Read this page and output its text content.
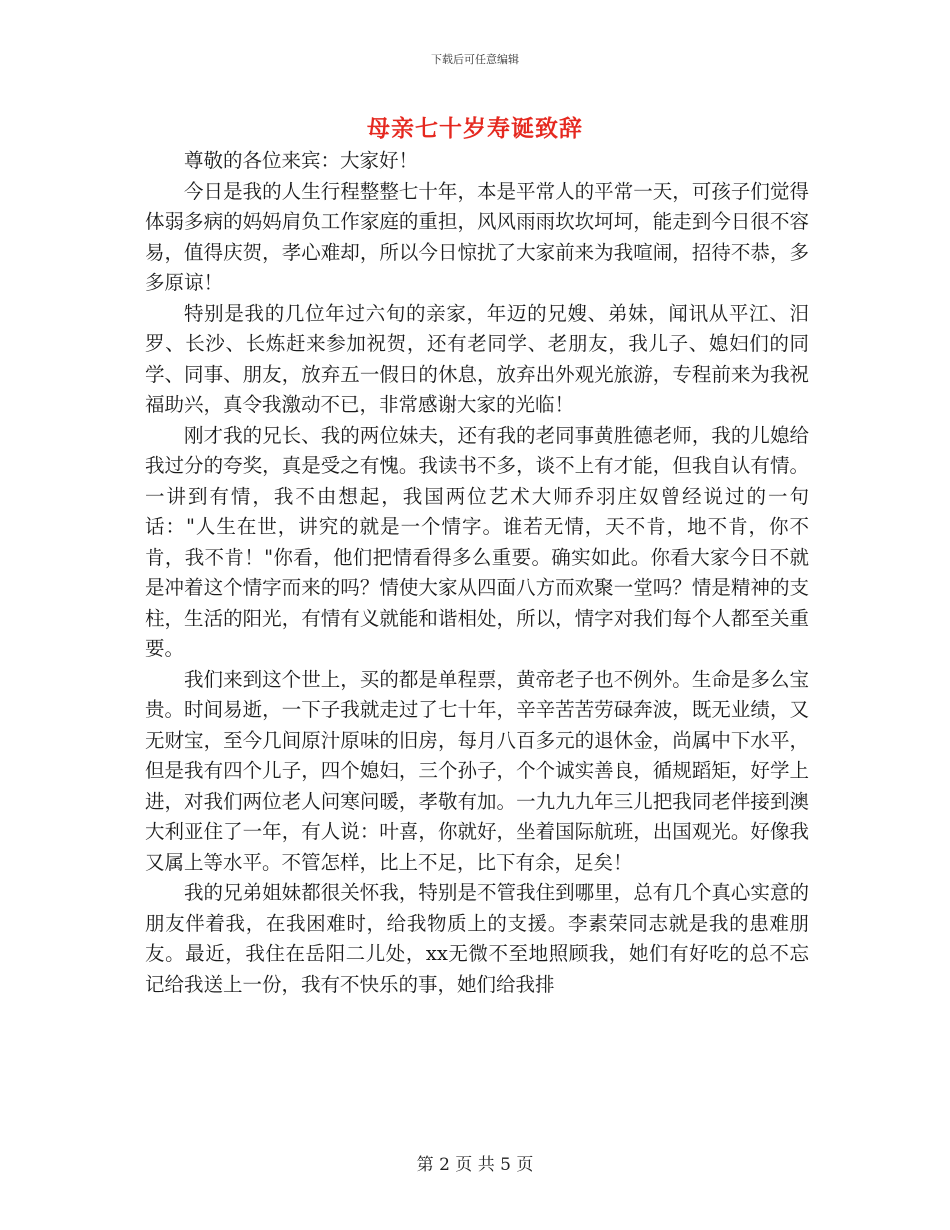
下载后可任意编辑
母亲七十岁寿诞致辞

尊敬的各位来宾：大家好！

今日是我的人生行程整整七十年，本是平常人的平常一天，可孩子们觉得体弱多病的妈妈肩负工作家庭的重担，风风雨雨坎坎坷坷，能走到今日很不容易，值得庆贺，孝心难却，所以今日惊扰了大家前来为我喧闹，招待不恭，多多原谅！

特别是我的几位年过六旬的亲家，年迈的兄嫂、弟妹，闻讯从平江、汨罗、长沙、长炼赶来参加祝贺，还有老同学、老朋友，我儿子、媳妇们的同学、同事、朋友，放弃五一假日的休息，放弃出外观光旅游，专程前来为我祝福助兴，真令我激动不已，非常感谢大家的光临！

刚才我的兄长、我的两位妹夫，还有我的老同事黄胜德老师，我的儿媳给我过分的夸奖，真是受之有愧。我读书不多，谈不上有才能，但我自认有情。一讲到有情，我不由想起，我国两位艺术大师乔羽庄奴曾经说过的一句话："人生在世，讲究的就是一个情字。谁若无情，天不肯，地不肯，你不肯，我不肯！"你看，他们把情看得多么重要。确实如此。你看大家今日不就是冲着这个情字而来的吗？情使大家从四面八方而欢聚一堂吗？情是精神的支柱，生活的阳光，有情有义就能和谐相处，所以，情字对我们每个人都至关重要。

我们来到这个世上，买的都是单程票，黄帝老子也不例外。生命是多么宝贵。时间易逝，一下子我就走过了七十年，辛辛苦苦劳碌奔波，既无业绩，又无财宝，至今几间原汁原味的旧房，每月八百多元的退休金，尚属中下水平，但是我有四个儿子，四个媳妇，三个孙子，个个诚实善良，循规蹈矩，好学上进，对我们两位老人问寒问暖，孝敬有加。一九九九年三儿把我同老伴接到澳大利亚住了一年，有人说：叶喜，你就好，坐着国际航班，出国观光。好像我又属上等水平。不管怎样，比上不足，比下有余，足矣！

我的兄弟姐妹都很关怀我，特别是不管我住到哪里，总有几个真心实意的朋友伴着我，在我困难时，给我物质上的支援。李素荣同志就是我的患难朋友。最近，我住在岳阳二儿处，xx无微不至地照顾我，她们有好吃的总不忘记给我送上一份，我有不快乐的事，她们给我排

第 2 页 共 5 页
